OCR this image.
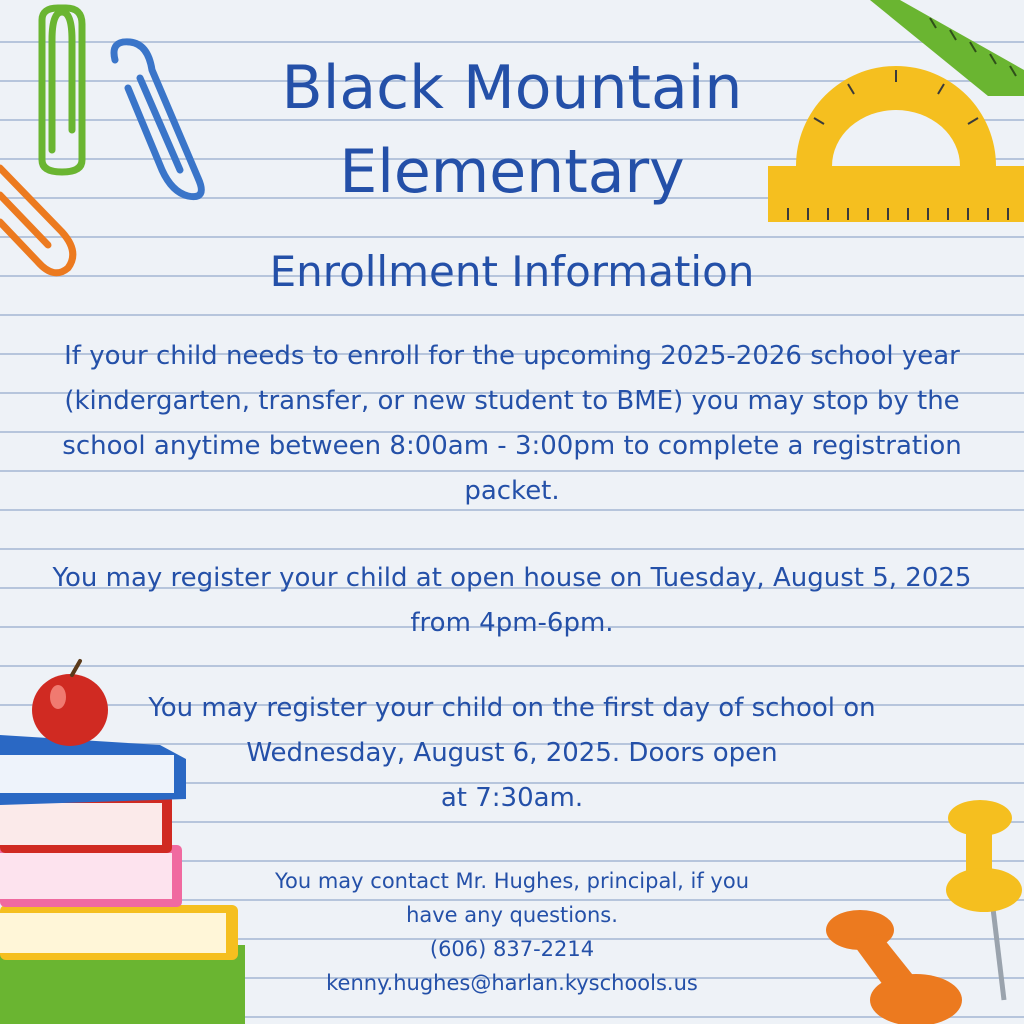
Black Mountain
Elementary
Enrollment Information

If your child needs to enroll for the upcoming 2025-2026 school year (kindergarten, transfer, or new student to BME) you may stop by the school anytime between 8:00am - 3:00pm to complete a registration packet.

You may register your child at open house on Tuesday, August 5, 2025 from 4pm-6pm.

You may register your child on the first day of school on
Wednesday, August 6, 2025. Doors open
at 7:30am.
You may contact Mr. Hughes, principal, if you
have any questions.
(606) 837-2214
kenny.hughes@harlan.kyschools.us
